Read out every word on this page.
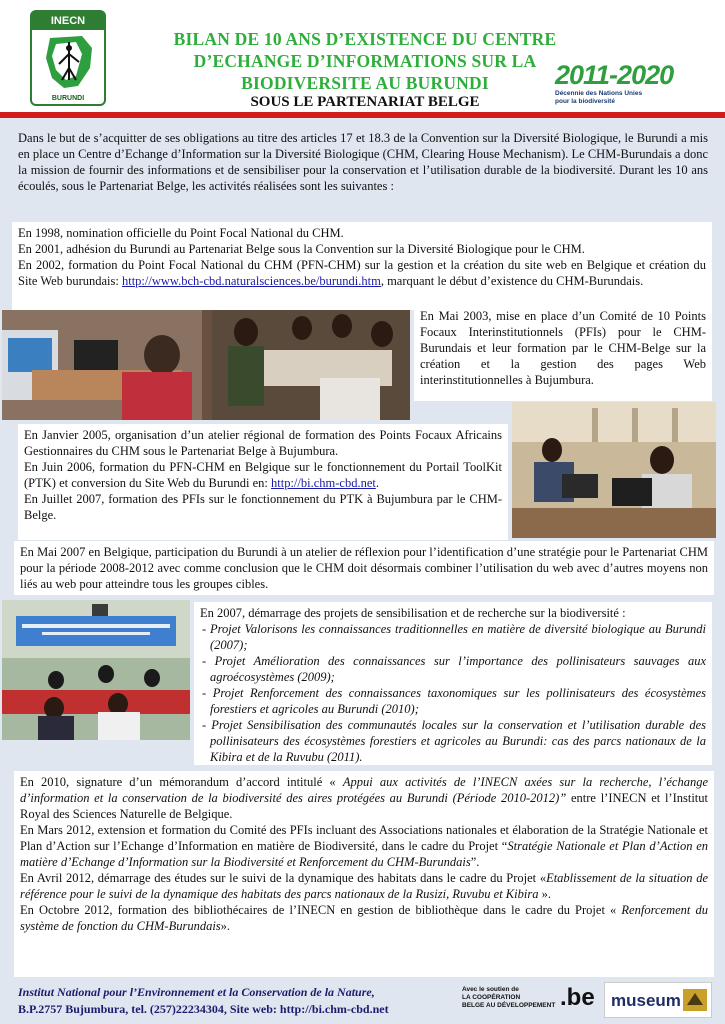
INECN
BURUNDI
BILAN DE 10 ANS D’EXISTENCE DU CENTRE
D’ECHANGE D’INFORMATIONS SUR LA
BIODIVERSITE AU BURUNDI
SOUS LE PARTENARIAT BELGE
2011-2020
Décennie des Nations Unies
pour la biodiversité

Dans le but de s’acquitter de ses obligations au titre des articles 17 et 18.3 de la Convention sur la Diversité Biologique, le Burundi a mis en place un Centre d’Echange d’Information sur la Diversité Biologique (CHM, Clearing House Mechanism). Le CHM-Burundais a donc la mission de fournir des informations et de sensibiliser pour la conservation et l’utilisation durable de la biodiversité. Durant les 10 ans écoulés, sous le Partenariat Belge, les activités réalisées sont les suivantes :

En 1998, nomination officielle du Point Focal National du CHM.

En 2001, adhésion du Burundi au Partenariat Belge sous la Convention sur la Diversité Biologique pour le CHM.

En 2002, formation du Point Focal National du CHM (PFN-CHM) sur la gestion et la création du site web en Belgique et création du Site Web burundais: http://www.bch-cbd.naturalsciences.be/burundi.htm, marquant le début d’existence du CHM-Burundais.

En Mai 2003, mise en place d’un Comité de 10 Points Focaux Interinstitutionnels (PFIs) pour le CHM-Burundais et leur formation par le CHM-Belge sur la création et la gestion des pages Web interinstitutionnelles à Bujumbura.

En Janvier 2005, organisation d’un atelier régional de formation des Points Focaux Africains Gestionnaires du CHM sous le Partenariat Belge à Bujumbura.

En Juin 2006, formation du PFN-CHM en Belgique sur le fonctionnement du Portail ToolKit (PTK) et conversion du Site Web du Burundi en: http://bi.chm-cbd.net.

En Juillet 2007, formation des PFIs sur le fonctionnement du PTK à Bujumbura par le CHM-Belge.

En Mai 2007 en Belgique, participation du Burundi à un atelier de réflexion pour l’identification d’une stratégie pour le Partenariat CHM pour la période 2008-2012 avec comme conclusion que le CHM doit désormais combiner l’utilisation du web avec d’autres moyens non liés au web pour atteindre tous les groupes cibles.

En 2007, démarrage des projets de sensibilisation et de recherche sur la biodiversité :

- Projet Valorisons les connaissances traditionnelles en matière de diversité biologique au Burundi (2007);
- Projet Amélioration des connaissances sur l’importance des pollinisateurs sauvages aux agroécosystèmes (2009);
- Projet Renforcement des connaissances taxonomiques sur les pollinisateurs des écosystèmes forestiers et agricoles au Burundi (2010);
- Projet Sensibilisation des communautés locales sur la conservation et l’utilisation durable des pollinisateurs des écosystèmes forestiers et agricoles au Burundi: cas des parcs nationaux de la Kibira et de la Ruvubu (2011).

En 2010, signature d’un mémorandum d’accord intitulé « Appui aux activités de l’INECN axées sur la recherche, l’échange d’information et la conservation de la biodiversité des aires protégées au Burundi (Période 2010-2012)” entre l’INECN et l’Institut Royal des Sciences Naturelle de Belgique.

En Mars 2012, extension et formation du Comité des PFIs incluant des Associations nationales et élaboration de la Stratégie Nationale et Plan d’Action sur l’Echange d’Information en matière de Biodiversité, dans le cadre du Projet “Stratégie Nationale et Plan d’Action en matière d’Echange d’Information sur la Biodiversité et Renforcement du CHM-Burundais”.

En Avril 2012, démarrage des études sur le suivi de la dynamique des habitats dans le cadre du Projet «Etablissement de la situation de référence pour le suivi de la dynamique des habitats des parcs nationaux de la Rusizi, Ruvubu et Kibira ».

En Octobre 2012, formation des bibliothécaires de l’INECN en gestion de bibliothèque dans le cadre du Projet « Renforcement du système de fonction du CHM-Burundais».

Institut National pour l’Environnement et la Conservation de la Nature,
B.P.2757 Bujumbura, tel. (257)22234304, Site web: http://bi.chm-cbd.net
Avec le soutien de
LA COOPÉRATION
BELGE AU DÉVELOPPEMENT .be museum
